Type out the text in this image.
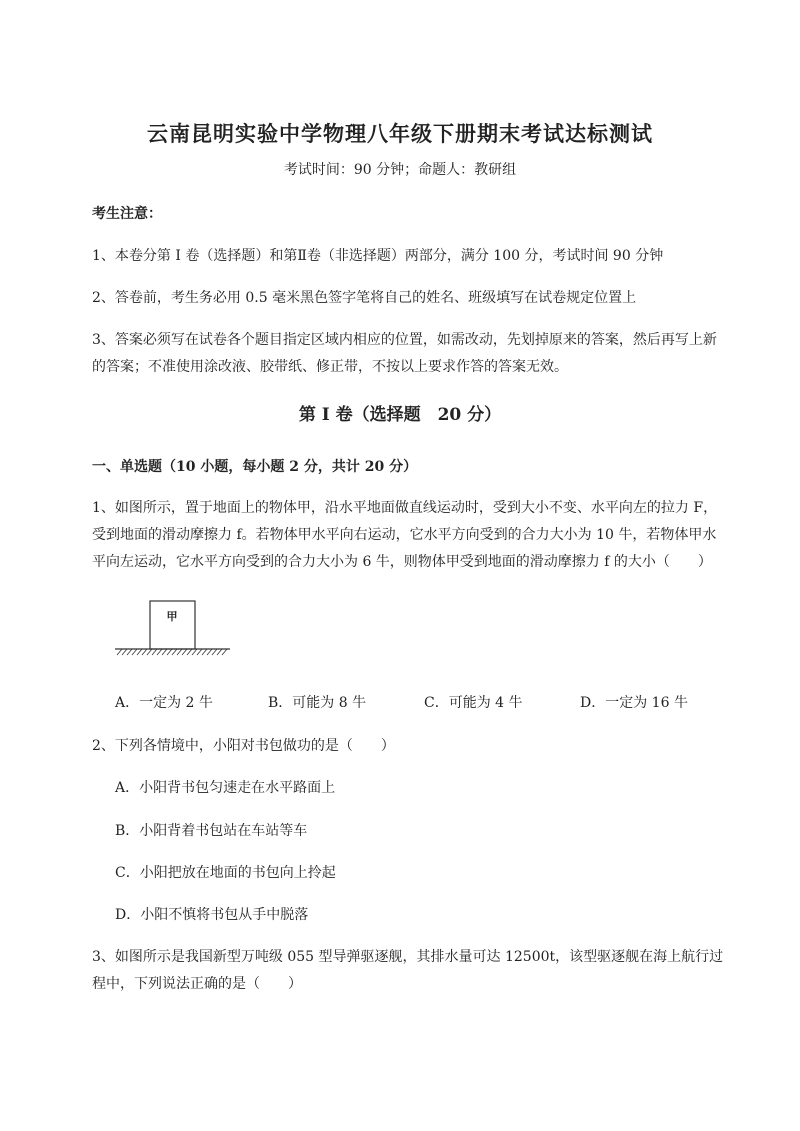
云南昆明实验中学物理八年级下册期末考试达标测试
考试时间：90 分钟；命题人：教研组
考生注意：
1、本卷分第 I 卷（选择题）和第Ⅱ卷（非选择题）两部分，满分 100 分，考试时间 90 分钟
2、答卷前，考生务必用 0.5 毫米黑色签字笔将自己的姓名、班级填写在试卷规定位置上
3、答案必须写在试卷各个题目指定区域内相应的位置，如需改动，先划掉原来的答案，然后再写上新
的答案；不准使用涂改液、胶带纸、修正带，不按以上要求作答的答案无效。
第 I 卷（选择题　20 分）
一、单选题（10 小题，每小题 2 分，共计 20 分）
1、如图所示，置于地面上的物体甲，沿水平地面做直线运动时，受到大小不变、水平向左的拉力 F，
受到地面的滑动摩擦力 f。若物体甲水平向右运动，它水平方向受到的合力大小为 10 牛，若物体甲水
平向左运动，它水平方向受到的合力大小为 6 牛，则物体甲受到地面的滑动摩擦力 f 的大小（　　）
甲
A．一定为 2 牛	B．可能为 8 牛	C．可能为 4 牛	D．一定为 16 牛
2、下列各情境中，小阳对书包做功的是（　　）
A．小阳背书包匀速走在水平路面上
B．小阳背着书包站在车站等车
C．小阳把放在地面的书包向上拎起
D．小阳不慎将书包从手中脱落
3、如图所示是我国新型万吨级 055 型导弹驱逐舰，其排水量可达 12500t，该型驱逐舰在海上航行过
程中，下列说法正确的是（　　）
